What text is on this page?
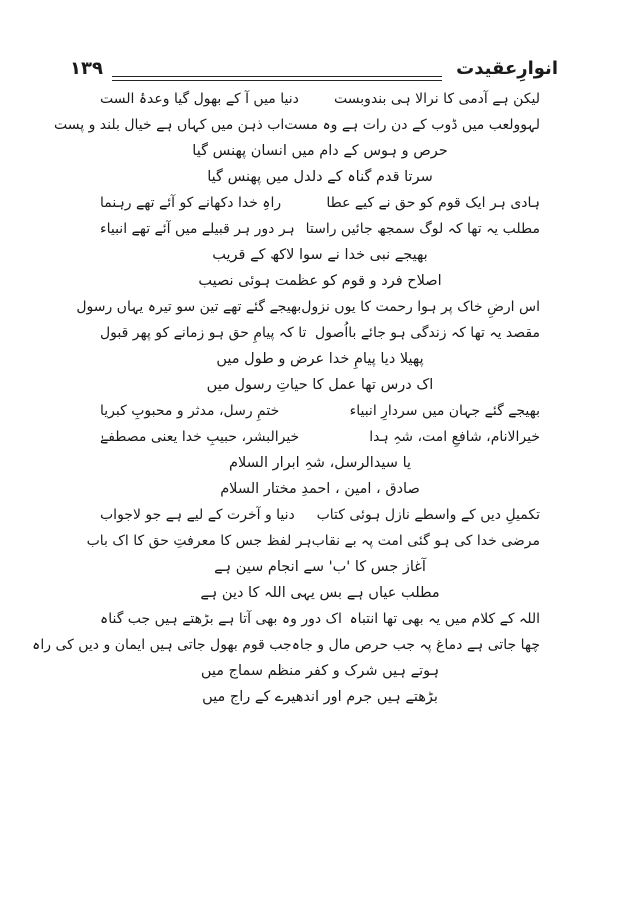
انوارِعقیدت
۱۳۹
لیکن ہے آدمی کا نرالا ہی بندوبست
دنیا میں آ کے بھول گیا وعدۂ الست
لہوولعب میں ڈوب کے دن رات ہے وہ مست
اب ذہن میں کہاں ہے خیال بلند و پست
حرص و ہوس کے دام میں انسان پھنس گیا
سرتا قدم گناہ کے دلدل میں پھنس گیا
ہادی ہر ایک قوم کو حق نے کیے عطا
راہِ خدا دکھانے کو آئے تھے رہنما
مطلب یہ تھا کہ لوگ سمجھ جائیں راستا
ہر دور ہر قبیلے میں آئے تھے انبیاء
بھیجے نبی خدا نے سوا لاکھ کے قریب
اصلاح فرد و قوم کو عظمت ہوئی نصیب
اس ارضِ خاک پر ہوا رحمت کا یوں نزول
بھیجے گئے تھے تین سو تیرہ یہاں رسول
مقصد یہ تھا کہ زندگی ہو جائے بااُصول
تا کہ پیامِ حق ہو زمانے کو پھر قبول
پھیلا دیا پیامِ خدا عرض و طول میں
اک درس تھا عمل کا حیاتِ رسول میں
بھیجے گئے جہان میں سردارِ انبیاء
ختمِ رسل، مدثر و محبوبِ کبریا
خیرالانام، شافعِ امت، شہِ ہدا
خیرالبشر، حبیبِ خدا یعنی مصطفےٰ
یا سیدالرسل، شہِ ابرار السلام
صادق ، امین ، احمدِ مختار السلام
تکمیلِ دیں کے واسطے نازل ہوئی کتاب
دنیا و آخرت کے لیے ہے جو لاجواب
مرضی خدا کی ہو گئی امت پہ بے نقاب
ہر لفظ جس کا معرفتِ حق کا اک باب
آغاز جس کا 'ب' سے انجام سین ہے
مطلب عیاں ہے بس یہی اللہ کا دین ہے
اللہ کے کلام میں یہ بھی تھا انتباہ
اک دور وہ بھی آتا ہے بڑھتے ہیں جب گناہ
چھا جاتی ہے دماغ پہ جب حرص مال و جاہ
جب قوم بھول جاتی ہیں ایمان و دیں کی راہ
ہوتے ہیں شرک و کفر منظم سماج میں
بڑھتے ہیں جرم اور اندھیرے کے راج میں
